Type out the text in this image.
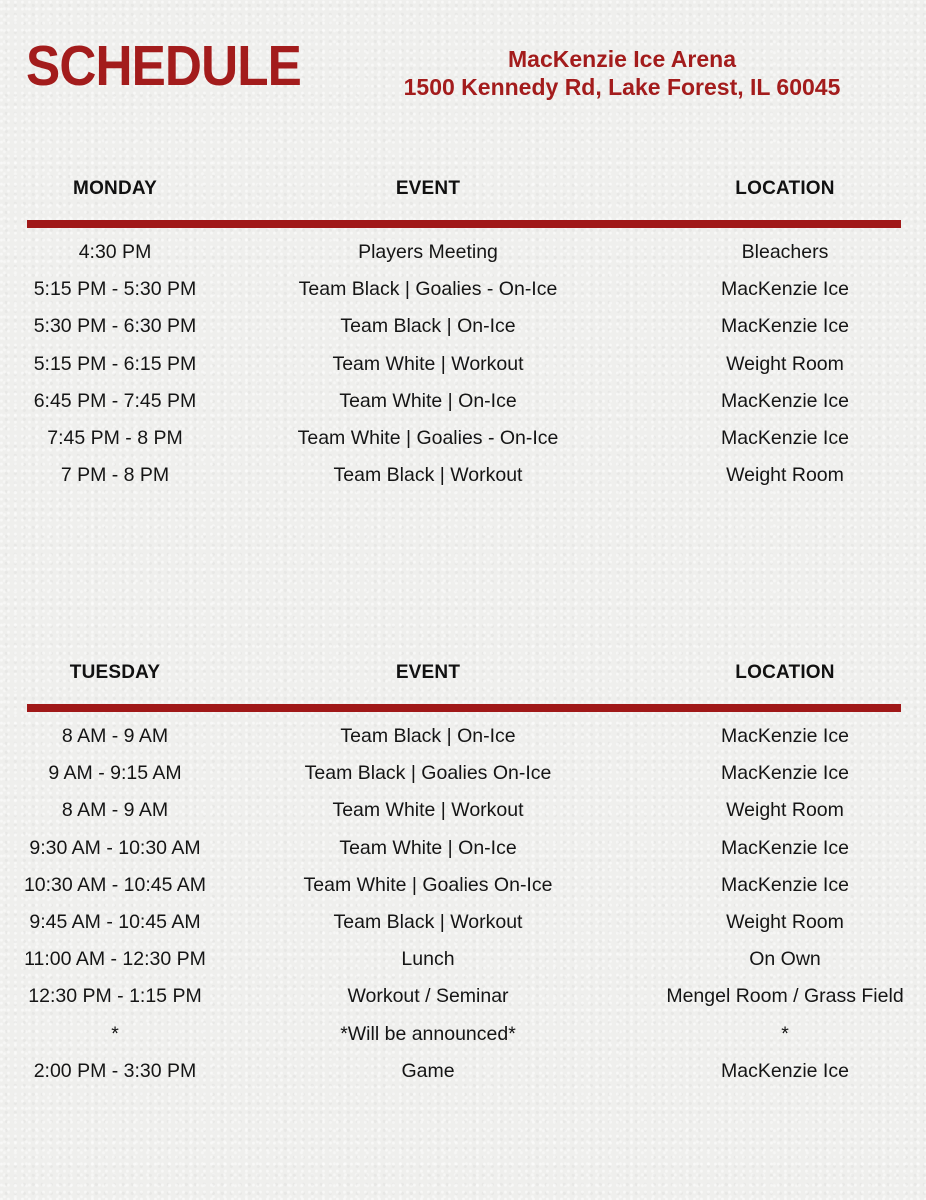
SCHEDULE	MacKenzie Ice Arena
1500 Kennedy Rd, Lake Forest, IL 60045
MONDAY	EVENT	LOCATION
4:30 PM	Players Meeting	Bleachers
5:15 PM - 5:30 PM	Team Black | Goalies - On-Ice	MacKenzie Ice
5:30 PM - 6:30 PM	Team Black | On-Ice	MacKenzie Ice
5:15 PM - 6:15 PM	Team White | Workout	Weight Room
6:45 PM - 7:45 PM	Team White | On-Ice	MacKenzie Ice
7:45 PM - 8 PM	Team White | Goalies - On-Ice	MacKenzie Ice
7 PM - 8 PM	Team Black | Workout	Weight Room
TUESDAY	EVENT	LOCATION
8 AM - 9 AM	Team Black | On-Ice	MacKenzie Ice
9 AM - 9:15 AM	Team Black | Goalies On-Ice	MacKenzie Ice
8 AM - 9 AM	Team White | Workout	Weight Room
9:30 AM - 10:30 AM	Team White | On-Ice	MacKenzie Ice
10:30 AM - 10:45 AM	Team White | Goalies On-Ice	MacKenzie Ice
9:45 AM - 10:45 AM	Team Black | Workout	Weight Room
11:00 AM - 12:30 PM	Lunch	On Own
12:30 PM - 1:15 PM	Workout / Seminar	Mengel Room / Grass Field
*	*Will be announced*	*
2:00 PM - 3:30 PM	Game	MacKenzie Ice
